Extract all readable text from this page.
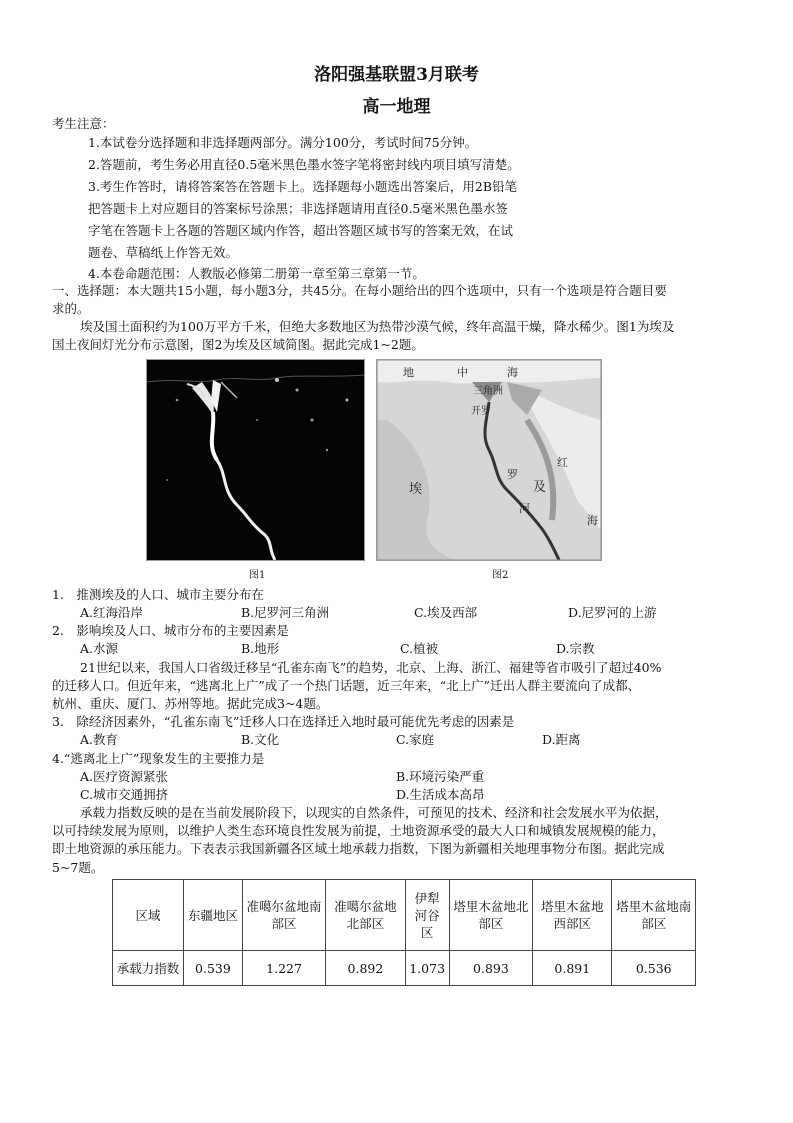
洛阳强基联盟3月联考
高一地理
考生注意：
1.本试卷分选择题和非选择题两部分。满分100分，考试时间75分钟。
2.答题前，考生务必用直径0.5毫米黑色墨水签字笔将密封线内项目填写清楚。
3.考生作答时，请将答案答在答题卡上。选择题每小题选出答案后，用2B铅笔
把答题卡上对应题目的答案标号涂黑；非选择题请用直径0.5毫米黑色墨水签
字笔在答题卡上各题的答题区域内作答，超出答题区域书写的答案无效，在试
题卷、草稿纸上作答无效。
4.本卷命题范围：人教版必修第二册第一章至第三章第一节。
一、选择题：本大题共15小题，每小题3分，共45分。在每小题给出的四个选项中，只有一个选项是符合题目要
求的。
埃及国土面积约为100万平方千米，但绝大多数地区为热带沙漠气候，终年高温干燥，降水稀少。图1为埃及
国土夜间灯光分布示意图，图2为埃及区域简图。据此完成1~2题。
图1
地	中	海
三角洲
开罗
埃	及
罗
河
红
海
图2
1.　推测埃及的人口、城市主要分布在
A.红海沿岸	B.尼罗河三角洲	C.埃及西部	D.尼罗河的上游
2.　影响埃及人口、城市分布的主要因素是
A.水源	B.地形	C.植被	D.宗教
21世纪以来，我国人口省级迁移呈“孔雀东南飞”的趋势，北京、上海、浙江、福建等省市吸引了超过40%
的迁移人口。但近年来，“逃离北上广”成了一个热门话题，近三年来，“北上广”迁出人群主要流向了成都、
杭州、重庆、厦门、苏州等地。据此完成3~4题。
3.　除经济因素外，“孔雀东南飞”迁移人口在选择迁入地时最可能优先考虑的因素是
A.教育	B.文化	C.家庭	D.距离
4.“逃离北上广”现象发生的主要推力是
A.医疗资源紧张	B.环境污染严重
C.城市交通拥挤	D.生活成本高昂
承载力指数反映的是在当前发展阶段下，以现实的自然条件，可预见的技术、经济和社会发展水平为依据，
以可持续发展为原则，以维护人类生态环境良性发展为前提，土地资源承受的最大人口和城镇发展规模的能力，
即土地资源的承压能力。下表表示我国新疆各区域土地承载力指数，下图为新疆相关地理事物分布图。据此完成
5~7题。
区域	东疆地区	准噶尔盆地南部区	准噶尔盆地北部区	伊犁河谷区	塔里木盆地北部区	塔里木盆地西部区	塔里木盆地南部区
承载力指数	0.539	1.227	0.892	1.073	0.893	0.891	0.536
